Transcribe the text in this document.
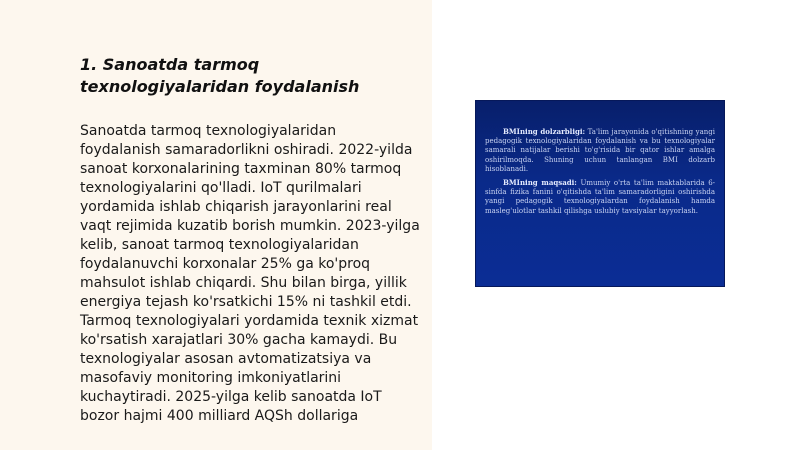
1. Sanoatda tarmoq texnologiyalaridan foydalanish

Sanoatda tarmoq texnologiyalaridan foydalanish samaradorlikni oshiradi. 2022-yilda sanoat korxonalarining taxminan 80% tarmoq texnologiyalarini qo'lladi. IoT qurilmalari yordamida ishlab chiqarish jarayonlarini real vaqt rejimida kuzatib borish mumkin. 2023-yilga kelib, sanoat tarmoq texnologiyalaridan foydalanuvchi korxonalar 25% ga ko'proq mahsulot ishlab chiqardi. Shu bilan birga, yillik energiya tejash ko'rsatkichi 15% ni tashkil etdi. Tarmoq texnologiyalari yordamida texnik xizmat ko'rsatish xarajatlari 30% gacha kamaydi. Bu texnologiyalar asosan avtomatizatsiya va masofaviy monitoring imkoniyatlarini kuchaytiradi. 2025-yilga kelib sanoatda IoT bozor hajmi 400 milliard AQSh dollariga

BMIning dolzarbligi: Ta'lim jarayonida o'qitishning yangi pedagogik texnologiyalaridan foydalanish va bu texnologiyalar samarali natijalar berishi to'g'risida bir qator ishlar amalga oshirilmoqda. Shuning uchun tanlangan BMI dolzarb hisoblanadi.

BMIning maqsadi: Umumiy o'rta ta'lim maktablarida 6-sinfda fizika fanini o'qitishda ta'lim samaradorligini oshirishda yangi pedagogik texnologiyalardan foydalanish hamda masleg'ulotlar tashkil qilishga uslubiy tavsiyalar tayyorlash.
